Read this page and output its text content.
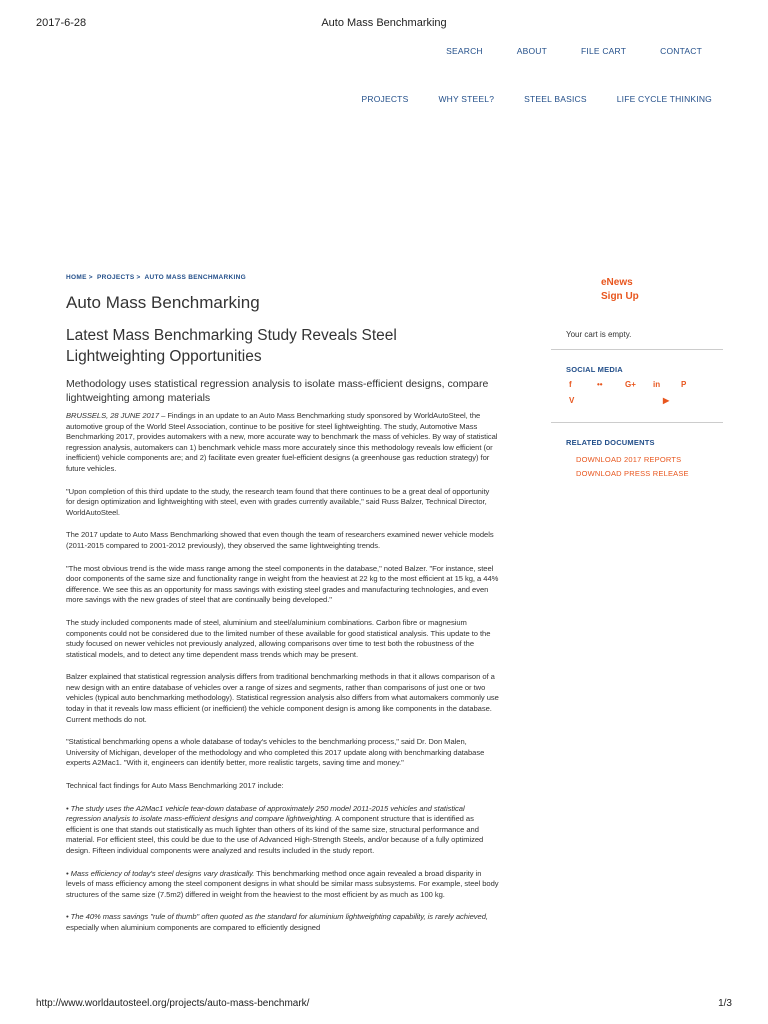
2017-6-28	Auto Mass Benchmarking
SEARCH	ABOUT	FILE CART	CONTACT
PROJECTS	WHY STEEL?	STEEL BASICS	LIFE CYCLE THINKING
HOME > PROJECTS > AUTO MASS BENCHMARKING
Auto Mass Benchmarking
Latest Mass Benchmarking Study Reveals Steel Lightweighting Opportunities

Methodology uses statistical regression analysis to isolate mass-efficient designs, compare lightweighting among materials

BRUSSELS, 28 JUNE 2017 – Findings in an update to an Auto Mass Benchmarking study sponsored by WorldAutoSteel, the automotive group of the World Steel Association, continue to be positive for steel lightweighting. The study, Automotive Mass Benchmarking 2017, provides automakers with a new, more accurate way to benchmark the mass of vehicles. By way of statistical regression analysis, automakers can 1) benchmark vehicle mass more accurately since this methodology reveals low efficient (or inefficient) vehicle components are; and 2) facilitate even greater fuel-efficient designs (a greenhouse gas reduction strategy) for future vehicles.

"Upon completion of this third update to the study, the research team found that there continues to be a great deal of opportunity for design optimization and lightweighting with steel, even with grades currently available," said Russ Balzer, Technical Director, WorldAutoSteel.

The 2017 update to Auto Mass Benchmarking showed that even though the team of researchers examined newer vehicle models (2011-2015 compared to 2001-2012 previously), they observed the same lightweighting trends.

"The most obvious trend is the wide mass range among the steel components in the database," noted Balzer. "For instance, steel door components of the same size and functionality range in weight from the heaviest at 22 kg to the most efficient at 15 kg, a 44% difference. We see this as an opportunity for mass savings with existing steel grades and manufacturing technologies, and even more savings with the new grades of steel that are continually being developed."

The study included components made of steel, aluminium and steel/aluminium combinations. Carbon fibre or magnesium components could not be considered due to the limited number of these available for good statistical analysis. This update to the study focused on newer vehicles not previously analyzed, allowing comparisons over time to test both the robustness of the statistical models, and to detect any time dependent mass trends which may be present.

Balzer explained that statistical regression analysis differs from traditional benchmarking methods in that it allows comparison of a new design with an entire database of vehicles over a range of sizes and segments, rather than comparisons of just one or two vehicles (typical auto benchmarking methodology). Statistical regression analysis also differs from what automakers commonly use today in that it reveals low mass efficient (or inefficient) the vehicle component design is among like components in the database. Current methods do not.

"Statistical benchmarking opens a whole database of today's vehicles to the benchmarking process," said Dr. Don Malen, University of Michigan, developer of the methodology and who completed this 2017 update along with benchmarking database experts A2Mac1. "With it, engineers can identify better, more realistic targets, saving time and money."

Technical fact findings for Auto Mass Benchmarking 2017 include:

• The study uses the A2Mac1 vehicle tear-down database of approximately 250 model 2011-2015 vehicles and statistical regression analysis to isolate mass-efficient designs and compare lightweighting. A component structure that is identified as efficient is one that stands out statistically as much lighter than others of its kind of the same size, structural performance and material. For efficient steel, this could be due to the use of Advanced High-Strength Steels, and/or because of a fully optimized design. Fifteen individual components were analyzed and results included in the study report.

• Mass efficiency of today's steel designs vary drastically. This benchmarking method once again revealed a broad disparity in levels of mass efficiency among the steel component designs in what should be similar mass subsystems. For example, steel body structures of the same size (7.5m2) differed in weight from the heaviest to the most efficient by as much as 100 kg.

• The 40% mass savings "rule of thumb" often quoted as the standard for aluminium lightweighting capability, is rarely achieved, especially when aluminium components are compared to efficiently designed

eNews
Sign Up
Your cart is empty.
SOCIAL MEDIA
f	••	G+	in	P
V	▶
RELATED DOCUMENTS
DOWNLOAD 2017 REPORTS
DOWNLOAD PRESS RELEASE
http://www.worldautosteel.org/projects/auto-mass-benchmark/	1/3
